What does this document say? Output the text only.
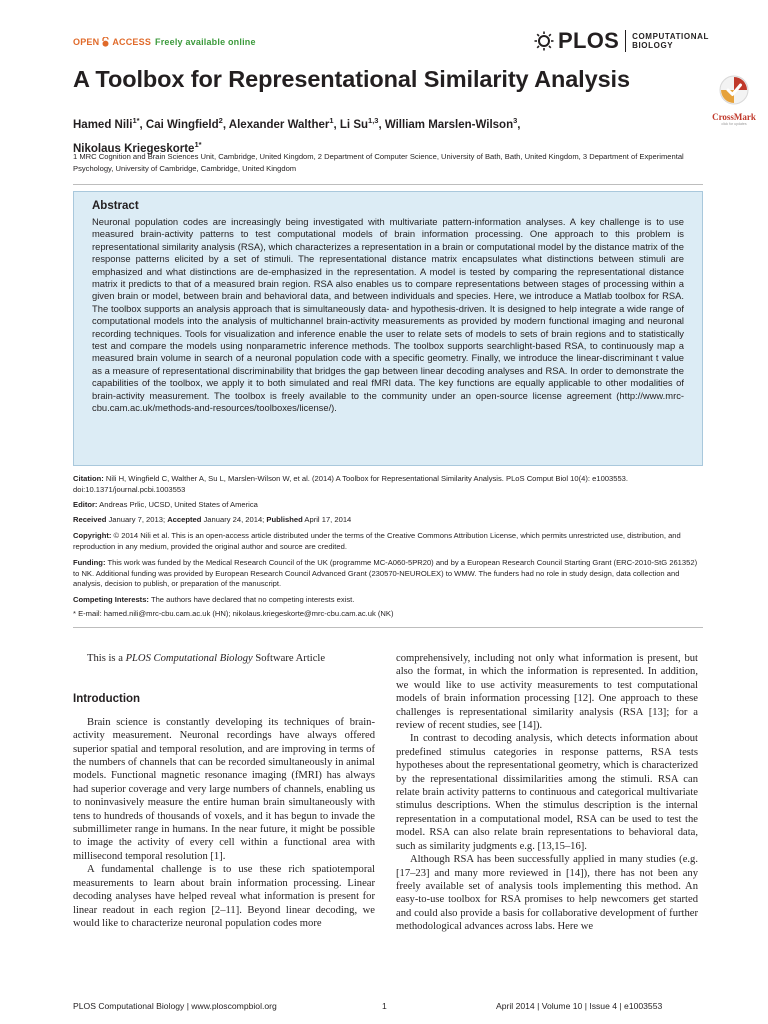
OPEN ACCESS Freely available online	PLOS COMPUTATIONAL
BIOLOGY
A Toolbox for Representational Similarity Analysis
CrossMark
click for updates
Hamed Nili$^{1*}$, Cai Wingfield$^2$, Alexander Walther$^1$, Li Su$^{1,3}$, William Marslen-Wilson$^3$,
Nikolaus Kriegeskorte$^{1*}$
1 MRC Cognition and Brain Sciences Unit, Cambridge, United Kingdom, 2 Department of Computer Science, University of Bath, Bath, United Kingdom, 3 Department of Experimental Psychology, University of Cambridge, Cambridge, United Kingdom
Abstract

Neuronal population codes are increasingly being investigated with multivariate pattern-information analyses. A key challenge is to use measured brain-activity patterns to test computational models of brain information processing. One approach to this problem is representational similarity analysis (RSA), which characterizes a representation in a brain or computational model by the distance matrix of the response patterns elicited by a set of stimuli. The representational distance matrix encapsulates what distinctions between stimuli are emphasized and what distinctions are de-emphasized in the representation. A model is tested by comparing the representational distance matrix it predicts to that of a measured brain region. RSA also enables us to compare representations between stages of processing within a given brain or model, between brain and behavioral data, and between individuals and species. Here, we introduce a Matlab toolbox for RSA. The toolbox supports an analysis approach that is simultaneously data- and hypothesis-driven. It is designed to help integrate a wide range of computational models into the analysis of multichannel brain-activity measurements as provided by modern functional imaging and neuronal recording techniques. Tools for visualization and inference enable the user to relate sets of models to sets of brain regions and to statistically test and compare the models using nonparametric inference methods. The toolbox supports searchlight-based RSA, to continuously map a measured brain volume in search of a neuronal population code with a specific geometry. Finally, we introduce the linear-discriminant t value as a measure of representational discriminability that bridges the gap between linear decoding analyses and RSA. In order to demonstrate the capabilities of the toolbox, we apply it to both simulated and real fMRI data. The key functions are equally applicable to other modalities of brain-activity measurement. The toolbox is freely available to the community under an open-source license agreement (http://www.mrc-cbu.cam.ac.uk/methods-and-resources/toolboxes/license/).

Citation: Nili H, Wingfield C, Walther A, Su L, Marslen-Wilson W, et al. (2014) A Toolbox for Representational Similarity Analysis. PLoS Comput Biol 10(4): e1003553. doi:10.1371/journal.pcbi.1003553
Editor: Andreas Prlic, UCSD, United States of America
Received January 7, 2013; Accepted January 24, 2014; Published April 17, 2014
Copyright: © 2014 Nili et al. This is an open-access article distributed under the terms of the Creative Commons Attribution License, which permits unrestricted use, distribution, and reproduction in any medium, provided the original author and source are credited.
Funding: This work was funded by the Medical Research Council of the UK (programme MC-A060-5PR20) and by a European Research Council Starting Grant (ERC-2010-StG 261352) to NK. Additional funding was provided by European Research Council Advanced Grant (230570-NEUROLEX) to WMW. The funders had no role in study design, data collection and analysis, decision to publish, or preparation of the manuscript.
Competing Interests: The authors have declared that no competing interests exist.
* E-mail: hamed.nili@mrc-cbu.cam.ac.uk (HN); nikolaus.kriegeskorte@mrc-cbu.cam.ac.uk (NK)
This is a PLOS Computational Biology Software Article
Introduction

Brain science is constantly developing its techniques of brain-activity measurement. Neuronal recordings have always offered superior spatial and temporal resolution, and are improving in terms of the numbers of channels that can be recorded simultaneously in animal models. Functional magnetic resonance imaging (fMRI) has always had superior coverage and very large numbers of channels, enabling us to noninvasively measure the entire human brain simultaneously with tens to hundreds of thousands of voxels, and it has begun to invade the submillimeter range in humans. In the near future, it might be possible to image the activity of every cell within a functional area with millisecond temporal resolution [1].

A fundamental challenge is to use these rich spatiotemporal measurements to learn about brain information processing. Linear decoding analyses have helped reveal what information is present for linear readout in each region [2–11]. Beyond linear decoding, we would like to characterize neuronal population codes more

comprehensively, including not only what information is present, but also the format, in which the information is represented. In addition, we would like to use activity measurements to test computational models of brain information processing [12]. One approach to these challenges is representational similarity analysis (RSA [13]; for a review of recent studies, see [14]).

In contrast to decoding analysis, which detects information about predefined stimulus categories in response patterns, RSA tests hypotheses about the representational geometry, which is characterized by the representational dissimilarities among the stimuli. RSA can relate brain activity patterns to continuous and categorical multivariate stimulus descriptions. When the stimulus description is the internal representation in a computational model, RSA can be used to test the model. RSA can also relate brain representations to behavioral data, such as similarity judgments e.g. [13,15–16].

Although RSA has been successfully applied in many studies (e.g. [17–23] and many more reviewed in [14]), there has not been any freely available set of analysis tools implementing this method. An easy-to-use toolbox for RSA promises to help newcomers get started and could also provide a basis for collaborative development of further methodological advances across labs. Here we

PLOS Computational Biology | www.ploscompbiol.org	1	April 2014 | Volume 10 | Issue 4 | e1003553
